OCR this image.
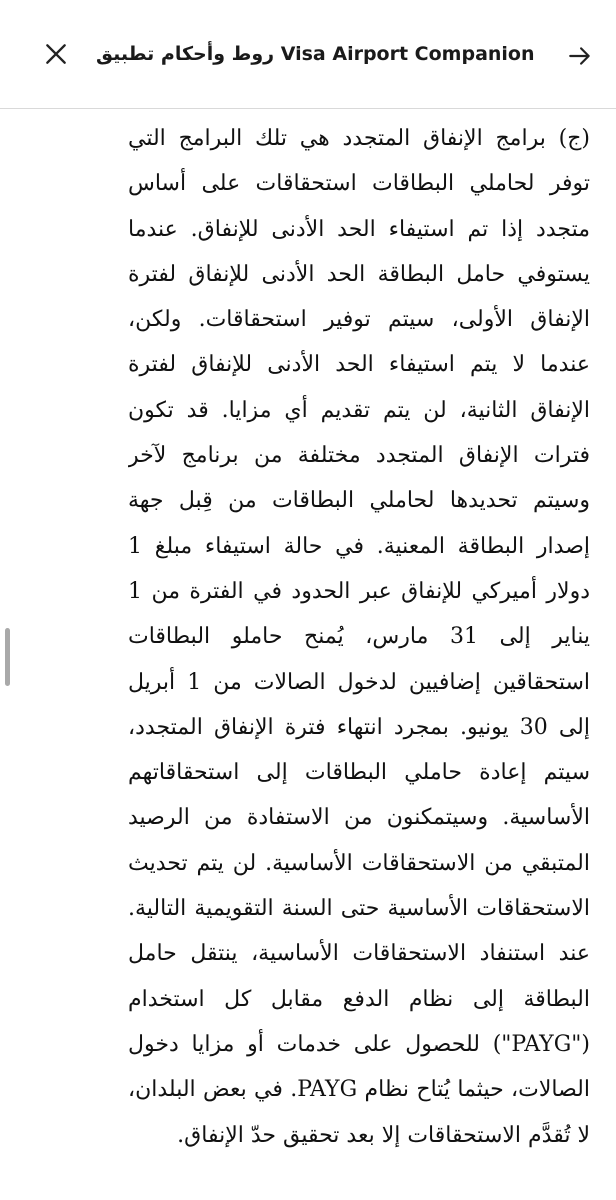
روط وأحكام تطبيق Visa Airport Companion

(ج) برامج الإنفاق المتجدد هي تلك البرامج التي توفر لحاملي البطاقات استحقاقات على أساس متجدد إذا تم استيفاء الحد الأدنى للإنفاق. عندما يستوفي حامل البطاقة الحد الأدنى للإنفاق لفترة الإنفاق الأولى، سيتم توفير استحقاقات. ولكن، عندما لا يتم استيفاء الحد الأدنى للإنفاق لفترة الإنفاق الثانية، لن يتم تقديم أي مزايا. قد تكون فترات الإنفاق المتجدد مختلفة من برنامج لآخر وسيتم تحديدها لحاملي البطاقات من قِبل جهة إصدار البطاقة المعنية. في حالة استيفاء مبلغ 1 دولار أميركي للإنفاق عبر الحدود في الفترة من 1 يناير إلى 31 مارس، يُمنح حاملو البطاقات استحقاقين إضافيين لدخول الصالات من 1 أبريل إلى 30 يونيو. بمجرد انتهاء فترة الإنفاق المتجدد، سيتم إعادة حاملي البطاقات إلى استحقاقاتهم الأساسية. وسيتمكنون من الاستفادة من الرصيد المتبقي من الاستحقاقات الأساسية. لن يتم تحديث الاستحقاقات الأساسية حتى السنة التقويمية التالية. عند استنفاد الاستحقاقات الأساسية، ينتقل حامل البطاقة إلى نظام الدفع مقابل كل استخدام ("PAYG") للحصول على خدمات أو مزايا دخول الصالات، حيثما يُتاح نظام PAYG. في بعض البلدان، لا تُقدَّم الاستحقاقات إلا بعد تحقيق حدّ الإنفاق.
